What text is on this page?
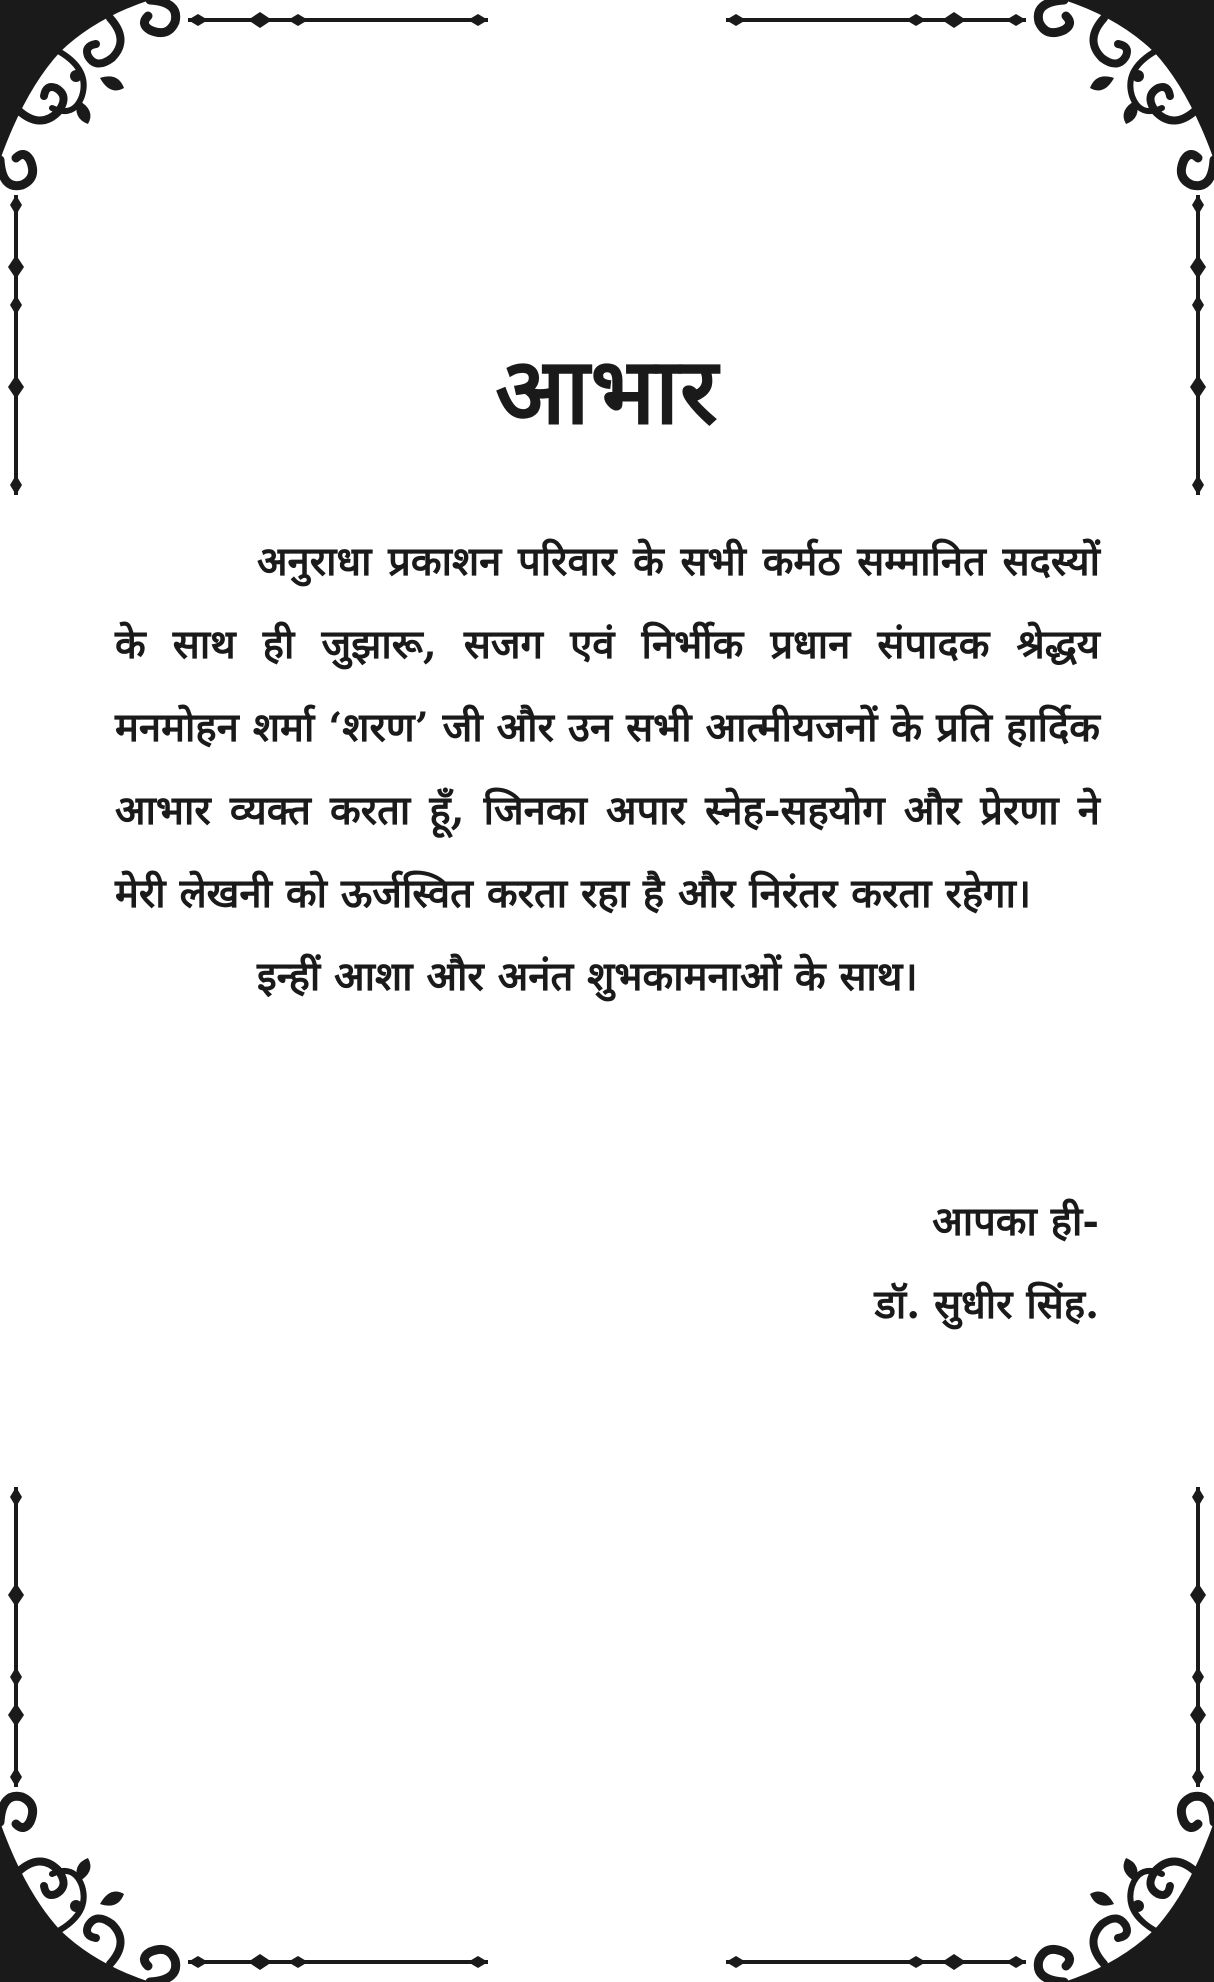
आभार

अनुराधा प्रकाशन परिवार के सभी कर्मठ सम्मानित सदस्यों के साथ ही जुझारू, सजग एवं निर्भीक प्रधान संपादक श्रेद्धय मनमोहन शर्मा ‘शरण’ जी और उन सभी आत्मीयजनों के प्रति हार्दिक आभार व्यक्त करता हूँ, जिनका अपार स्नेह-सहयोग और प्रेरणा ने मेरी लेखनी को ऊर्जस्वित करता रहा है और निरंतर करता रहेगा।

इन्हीं आशा और अनंत शुभकामनाओं के साथ।

आपका ही-
डॉ. सुधीर सिंह.
